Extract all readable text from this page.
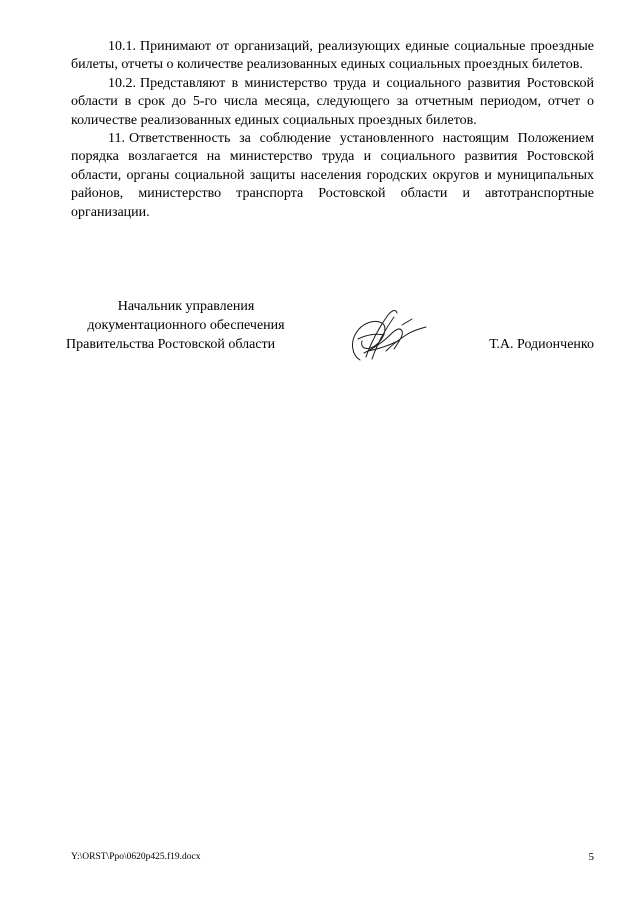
10.1. Принимают от организаций, реализующих единые социальные проездные билеты, отчеты о количестве реализованных единых социальных проездных билетов.

10.2. Представляют в министерство труда и социального развития Ростовской области в срок до 5-го числа месяца, следующего за отчетным периодом, отчет о количестве реализованных единых социальных проездных билетов.

11. Ответственность за соблюдение установленного настоящим Положением порядка возлагается на министерство труда и социального развития Ростовской области, органы социальной защиты населения городских округов и муниципальных районов, министерство транспорта Ростовской области и автотранспортные организации.

Начальник управления
документационного обеспечения
Правительства Ростовской области	Т.А. Родионченко
Y:\ORST\Ppo\0620p425.f19.docx	5
